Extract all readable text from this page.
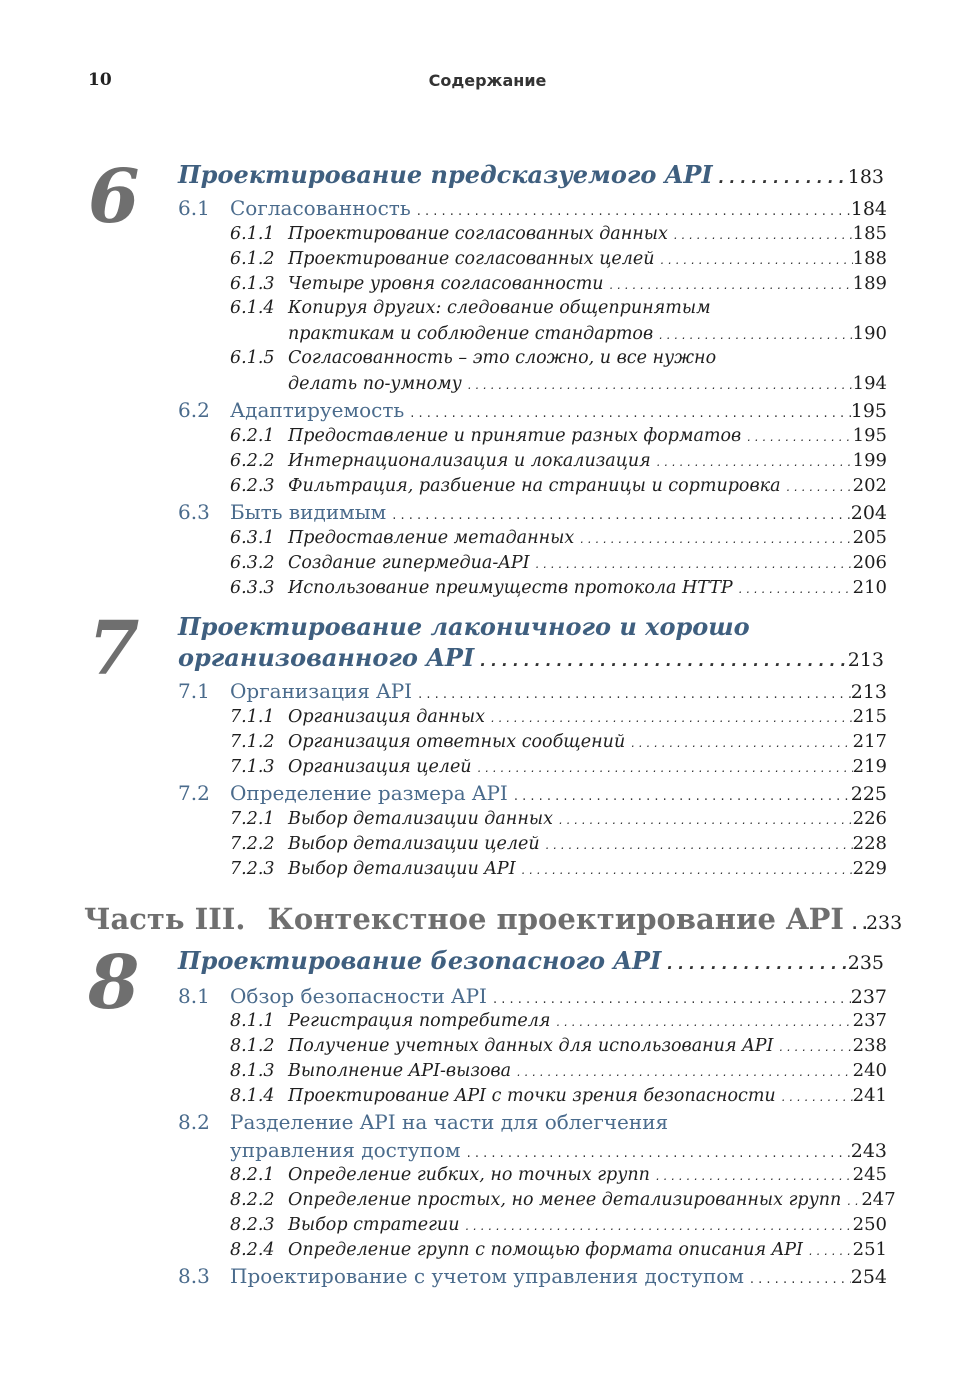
10	Содержание
6	Проектирование предсказуемого API . . .	183
6.1	Согласованность . . .	184
6.1.1 Проектирование согласованных данных . . .	185
6.1.2 Проектирование согласованных целей . . .	188
6.1.3 Четыре уровня согласованности . . .	189
6.1.4 Копируя других: следование общепринятым
практикам и соблюдение стандартов . . .	190
6.1.5 Согласованность – это сложно, и все нужно
делать по-умному . . .	194
6.2	Адаптируемость . . .	195
6.2.1 Предоставление и принятие разных форматов . . .	195
6.2.2 Интернационализация и локализация . . .	199
6.2.3 Фильтрация, разбиение на страницы и сортировка . . .	202
6.3	Быть видимым . . .	204
6.3.1 Предоставление метаданных . . .	205
6.3.2 Создание гипермедиа-API . . .	206
6.3.3 Использование преимуществ протокола HTTP . . .	210
7	Проектирование лаконичного и хорошо
организованного API . . .	213
7.1	Организация API . . .	213
7.1.1 Организация данных . . .	215
7.1.2 Организация ответных сообщений . . .	217
7.1.3 Организация целей . . .	219
7.2	Определение размера API . . .	225
7.2.1 Выбор детализации данных . . .	226
7.2.2 Выбор детализации целей . . .	228
7.2.3 Выбор детализации API . . .	229
Часть III. Контекстное проектирование API . . . 233
8	Проектирование безопасного API . . .	235
8.1	Обзор безопасности API . . .	237
8.1.1 Регистрация потребителя . . .	237
8.1.2 Получение учетных данных для использования API . . .	238
8.1.3 Выполнение API-вызова . . .	240
8.1.4 Проектирование API с точки зрения безопасности . . .	241
8.2	Разделение API на части для облегчения
управления доступом . . .	243
8.2.1 Определение гибких, но точных групп . . .	245
8.2.2 Определение простых, но менее детализированных групп . . . 247
8.2.3 Выбор стратегии . . .	250
8.2.4 Определение групп с помощью формата описания API . . .	251
8.3	Проектирование с учетом управления доступом . . .	254
